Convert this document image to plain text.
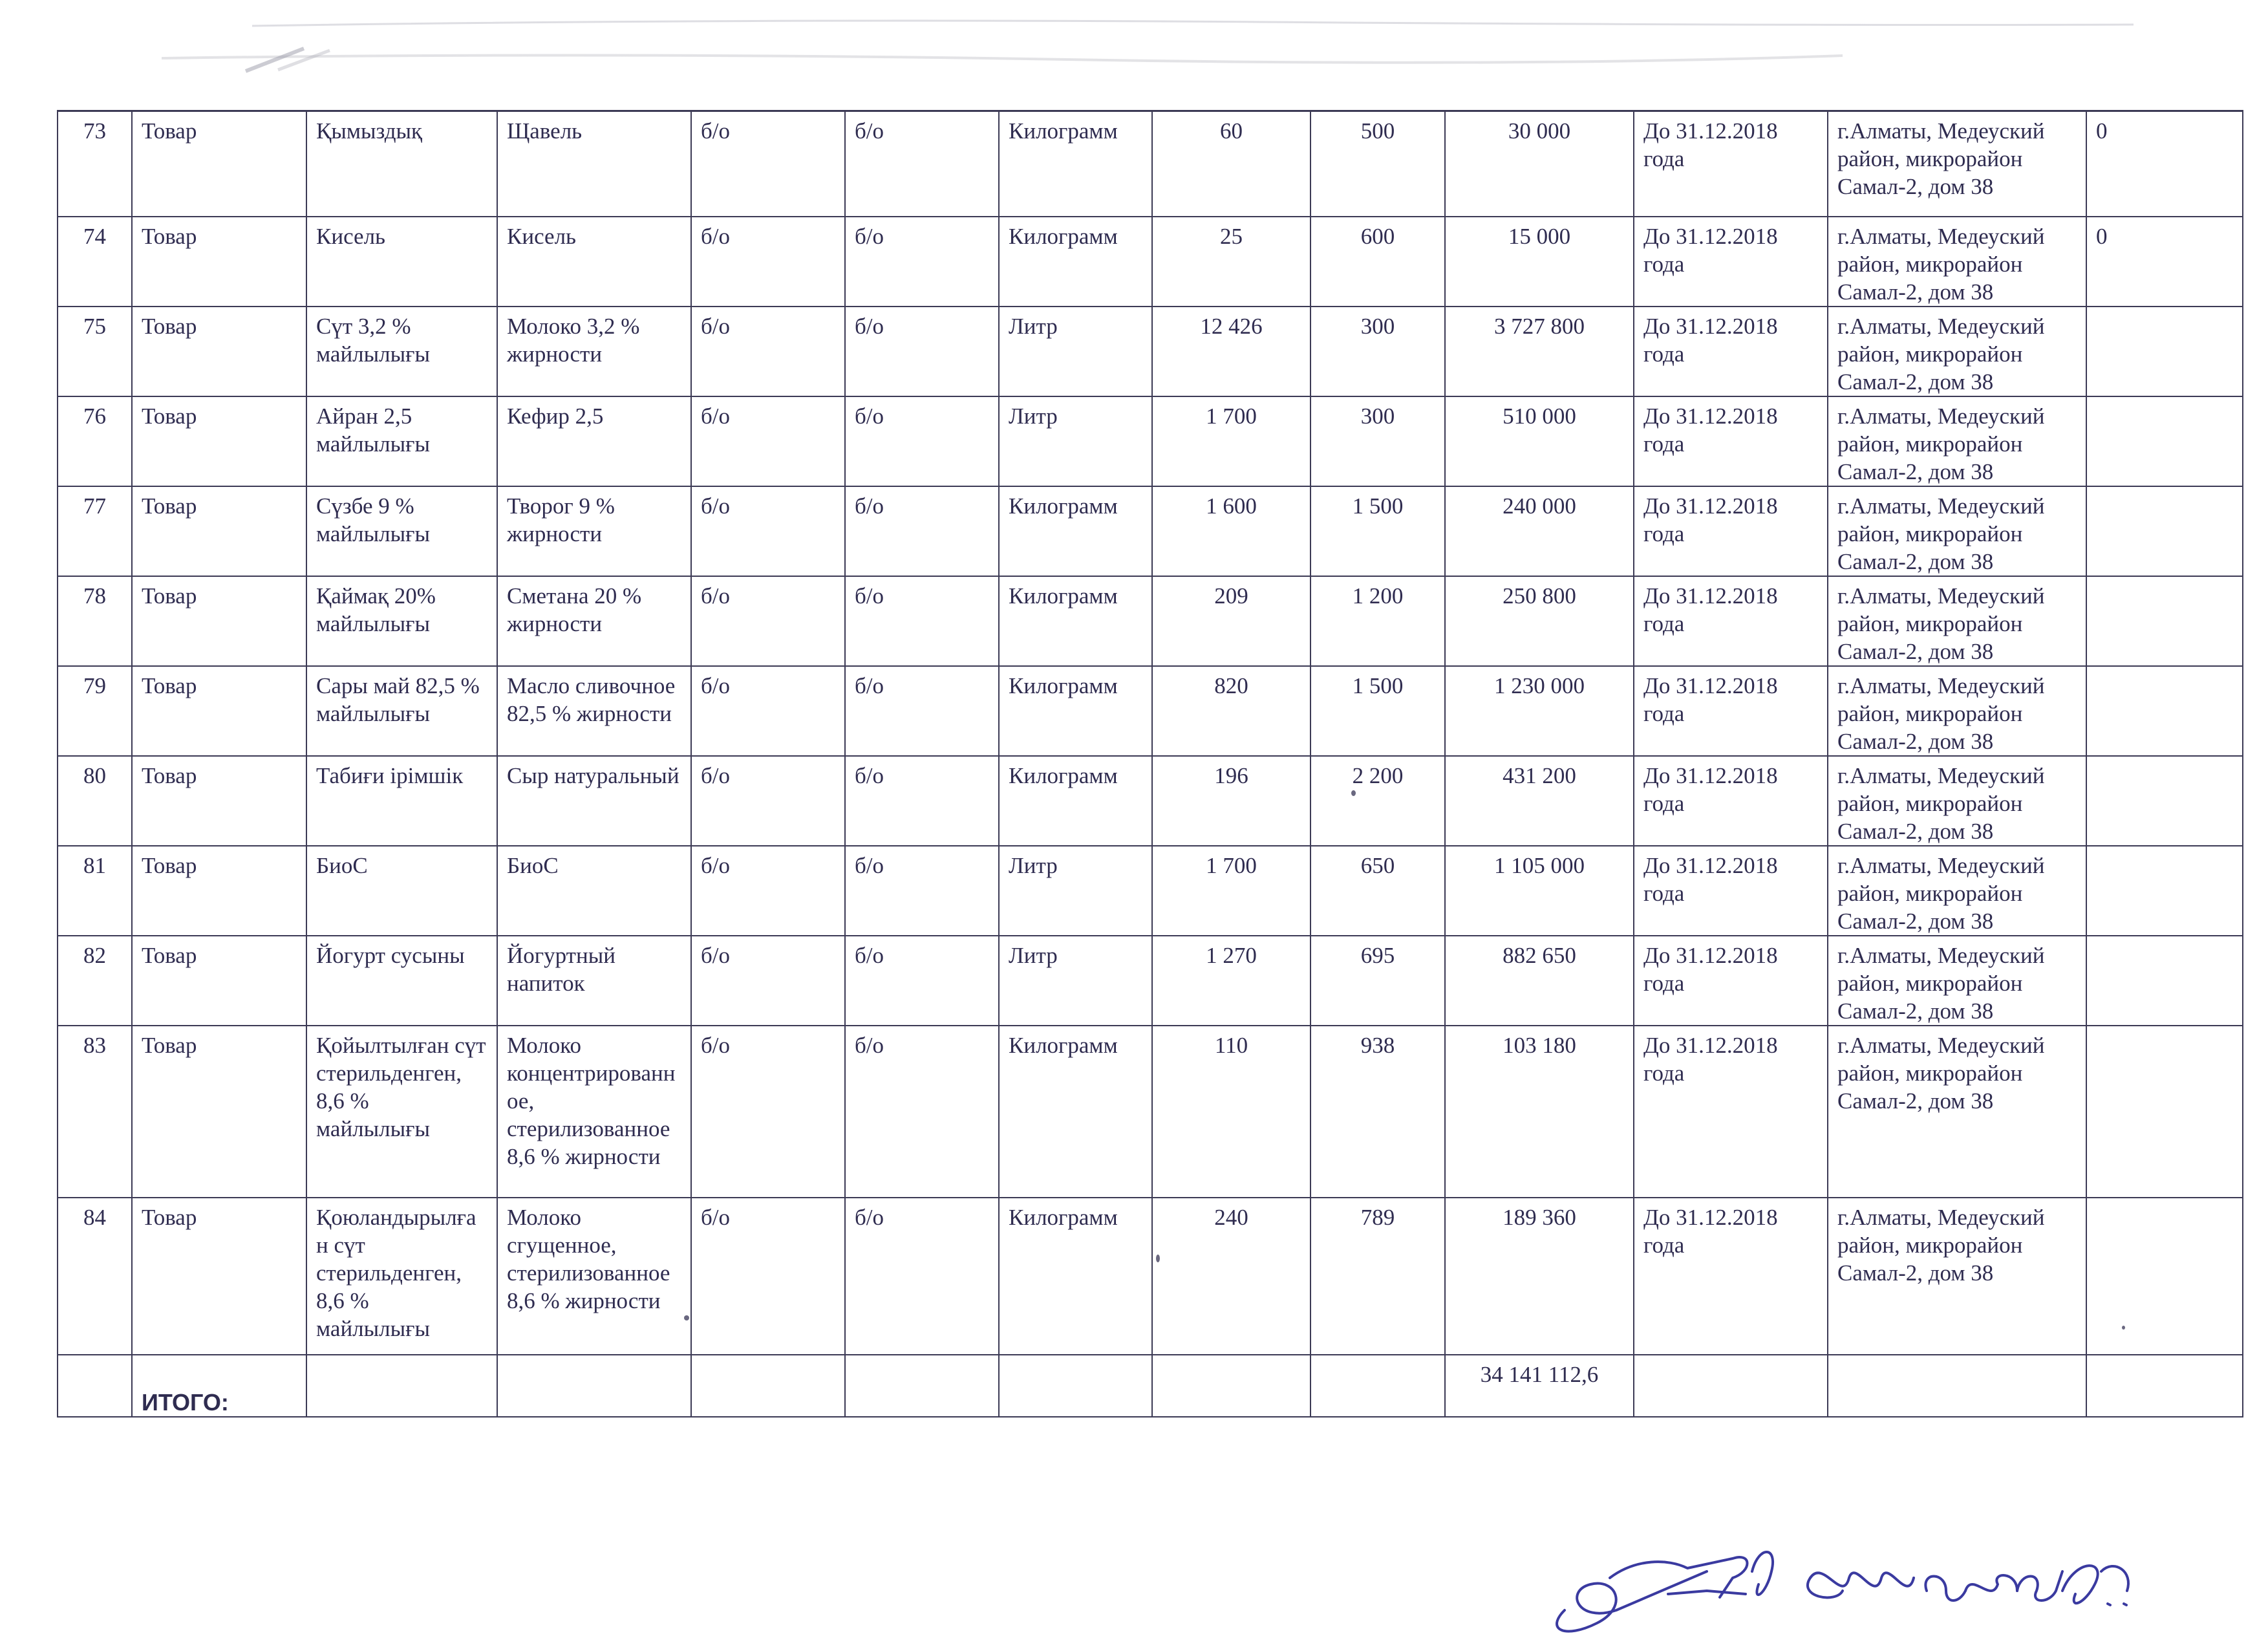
73	Товар	Қымыздық	Щавель	б/о	б/о	Килограмм	60	500	30 000	До 31.12.2018 года	г.Алматы, Медеуский район, микрорайон Самал-2, дом 38	0
74	Товар	Кисель	Кисель	б/о	б/о	Килограмм	25	600	15 000	До 31.12.2018 года	г.Алматы, Медеуский район, микрорайон Самал-2, дом 38	0
75	Товар	Сүт 3,2 % майлылығы	Молоко 3,2 % жирности	б/о	б/о	Литр	12 426	300	3 727 800	До 31.12.2018 года	г.Алматы, Медеуский район, микрорайон Самал-2, дом 38	
76	Товар	Айран 2,5 майлылығы	Кефир 2,5	б/о	б/о	Литр	1 700	300	510 000	До 31.12.2018 года	г.Алматы, Медеуский район, микрорайон Самал-2, дом 38	
77	Товар	Сүзбе 9 % майлылығы	Творог 9 % жирности	б/о	б/о	Килограмм	1 600	1 500	240 000	До 31.12.2018 года	г.Алматы, Медеуский район, микрорайон Самал-2, дом 38	
78	Товар	Қаймақ 20% майлылығы	Сметана 20 % жирности	б/о	б/о	Килограмм	209	1 200	250 800	До 31.12.2018 года	г.Алматы, Медеуский район, микрорайон Самал-2, дом 38	
79	Товар	Сары май 82,5 % майлылығы	Масло сливочное 82,5 % жирности	б/о	б/о	Килограмм	820	1 500	1 230 000	До 31.12.2018 года	г.Алматы, Медеуский район, микрорайон Самал-2, дом 38	
80	Товар	Табиғи ірімшік	Сыр натуральный	б/о	б/о	Килограмм	196	2 200	431 200	До 31.12.2018 года	г.Алматы, Медеуский район, микрорайон Самал-2, дом 38	
81	Товар	БиоС	БиоС	б/о	б/о	Литр	1 700	650	1 105 000	До 31.12.2018 года	г.Алматы, Медеуский район, микрорайон Самал-2, дом 38	
82	Товар	Йогурт сусыны	Йогуртный напиток	б/о	б/о	Литр	1 270	695	882 650	До 31.12.2018 года	г.Алматы, Медеуский район, микрорайон Самал-2, дом 38	
83	Товар	Қойылтылған сүт стерильденген, 8,6 % майлылығы	Молоко концентрированное, стерилизованное 8,6 % жирности	б/о	б/о	Килограмм	110	938	103 180	До 31.12.2018 года	г.Алматы, Медеуский район, микрорайон Самал-2, дом 38	
84	Товар	Қоюландырылған сүт стерильденген, 8,6 % майлылығы	Молоко сгущенное, стерилизованное 8,6 % жирности	б/о	б/о	Килограмм	240	789	189 360	До 31.12.2018 года	г.Алматы, Медеуский район, микрорайон Самал-2, дом 38	
	ИТОГО:								34 141 112,6			
